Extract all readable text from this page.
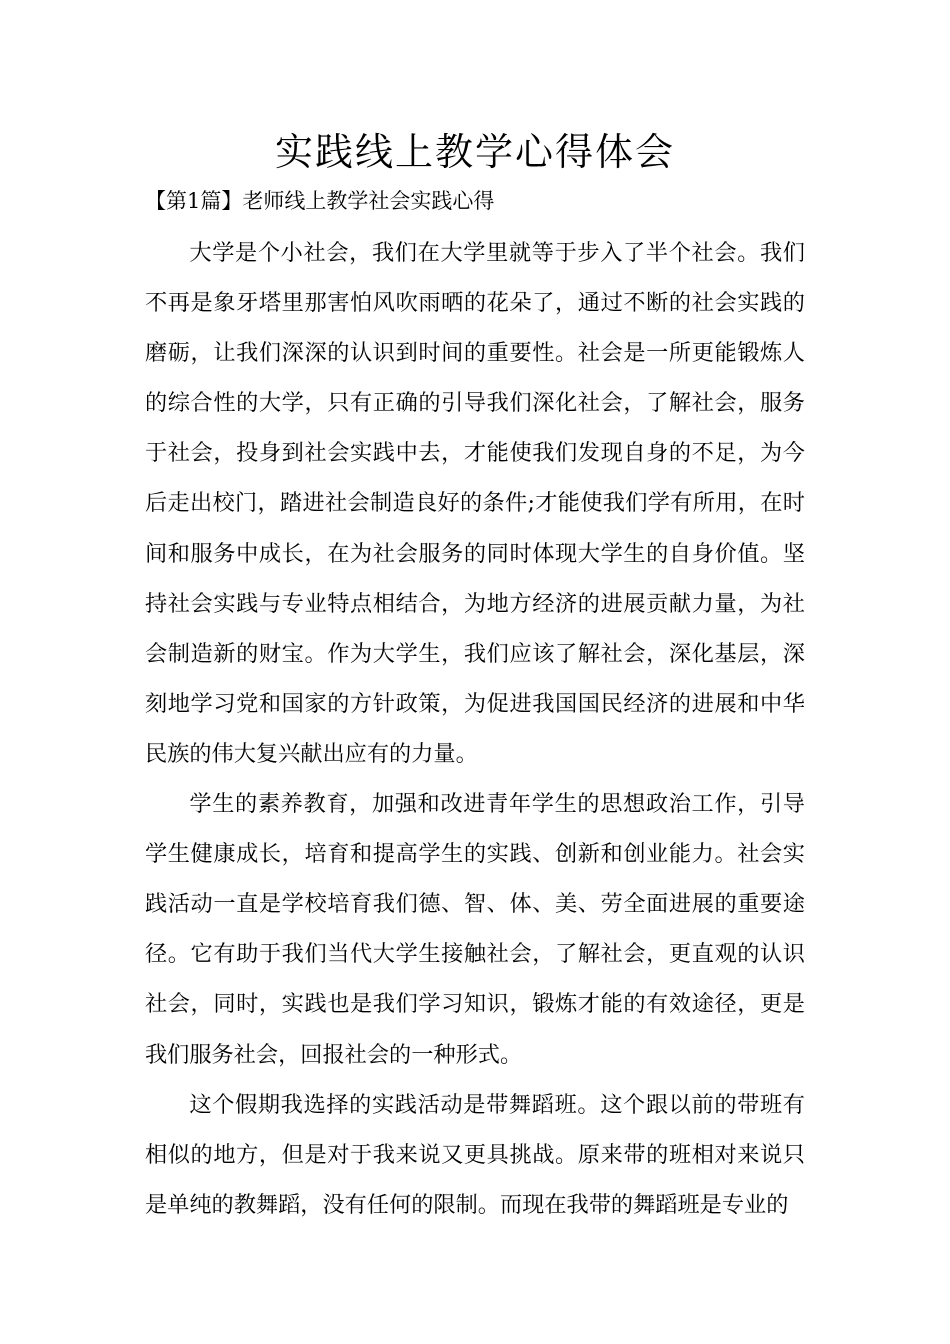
实践线上教学心得体会
【第1篇】老师线上教学社会实践心得

大学是个小社会，我们在大学里就等于步入了半个社会。我们不再是象牙塔里那害怕风吹雨晒的花朵了，通过不断的社会实践的磨砺，让我们深深的认识到时间的重要性。社会是一所更能锻炼人的综合性的大学，只有正确的引导我们深化社会，了解社会，服务于社会，投身到社会实践中去，才能使我们发现自身的不足，为今后走出校门，踏进社会制造良好的条件;才能使我们学有所用，在时间和服务中成长，在为社会服务的同时体现大学生的自身价值。坚持社会实践与专业特点相结合，为地方经济的进展贡献力量，为社会制造新的财宝。作为大学生，我们应该了解社会，深化基层，深刻地学习党和国家的方针政策，为促进我国国民经济的进展和中华民族的伟大复兴献出应有的力量。

学生的素养教育，加强和改进青年学生的思想政治工作，引导学生健康成长，培育和提高学生的实践、创新和创业能力。社会实践活动一直是学校培育我们德、智、体、美、劳全面进展的重要途径。它有助于我们当代大学生接触社会，了解社会，更直观的认识社会，同时，实践也是我们学习知识，锻炼才能的有效途径，更是我们服务社会，回报社会的一种形式。

这个假期我选择的实践活动是带舞蹈班。这个跟以前的带班有相似的地方，但是对于我来说又更具挑战。原来带的班相对来说只是单纯的教舞蹈，没有任何的限制。而现在我带的舞蹈班是专业的
